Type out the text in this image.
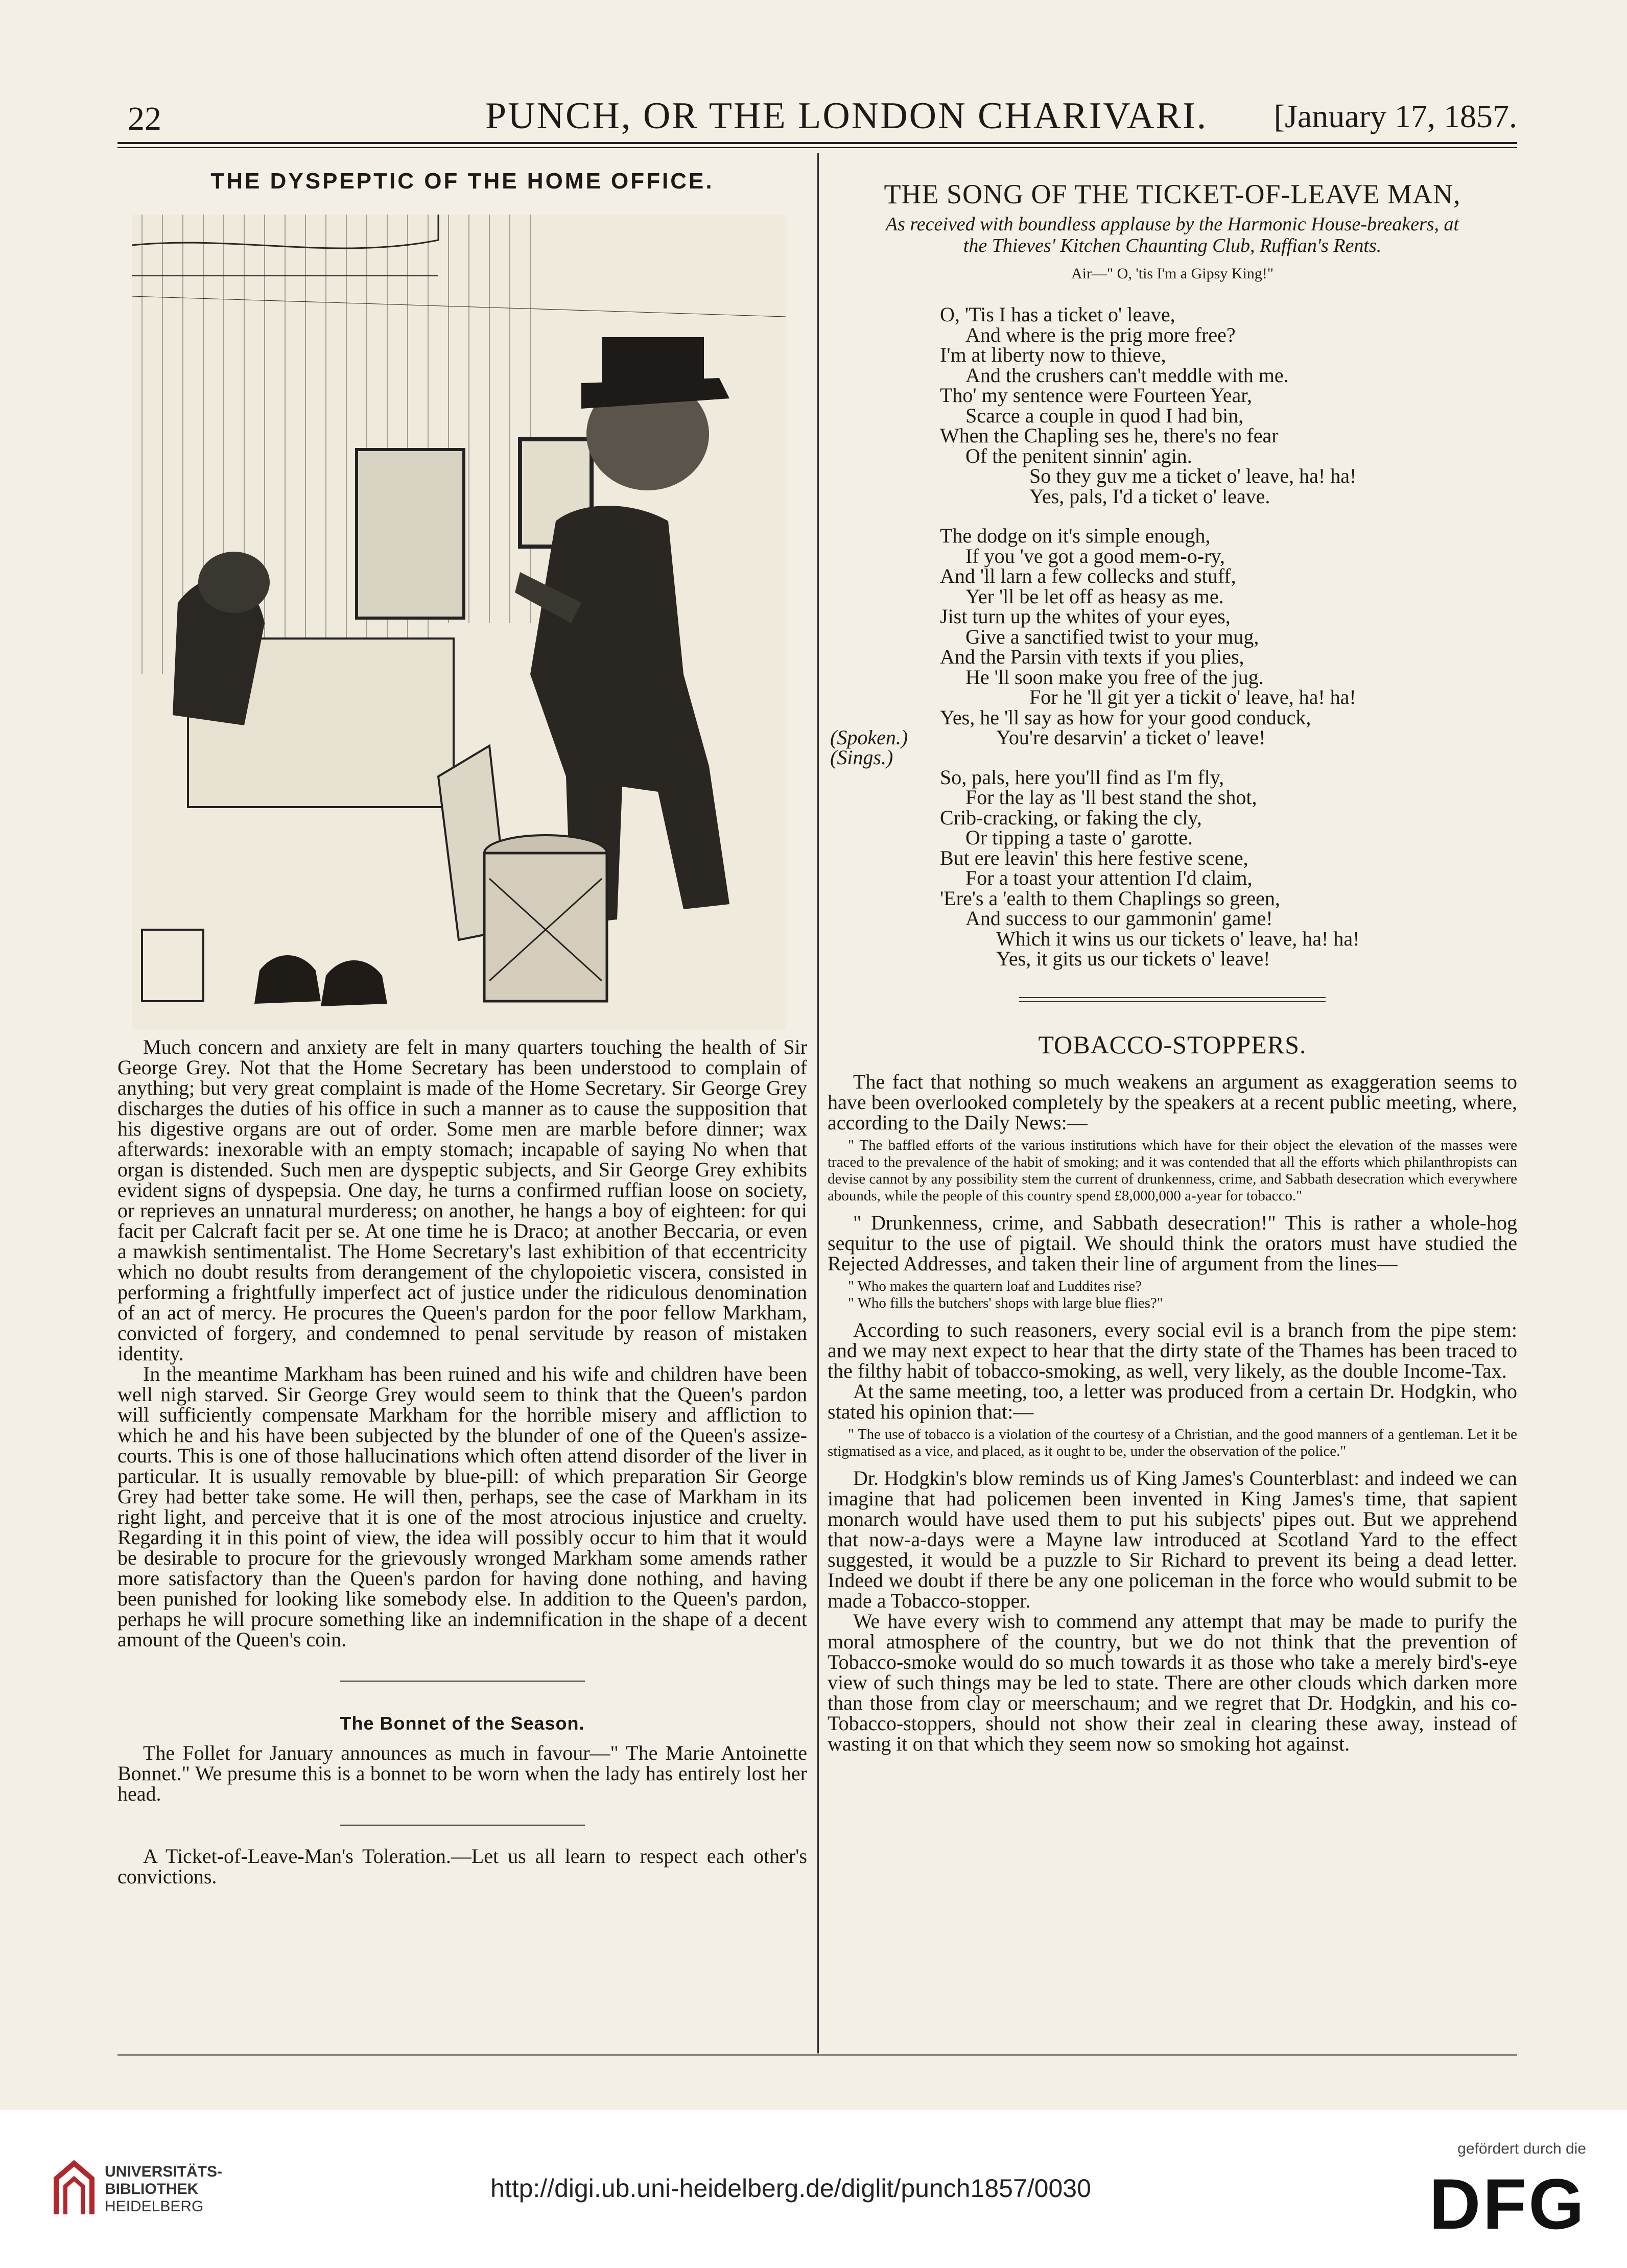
22	PUNCH, OR THE LONDON CHARIVARI. [January 17, 1857.
THE DYSPEPTIC OF THE HOME OFFICE.

Much concern and anxiety are felt in many quarters touching the health of Sir George Grey. Not that the Home Secretary has been understood to complain of anything; but very great complaint is made of the Home Secretary. Sir George Grey discharges the duties of his office in such a manner as to cause the supposition that his digestive organs are out of order. Some men are marble before dinner; wax afterwards: inexorable with an empty stomach; incapable of saying No when that organ is distended. Such men are dyspeptic subjects, and Sir George Grey exhibits evident signs of dyspepsia. One day, he turns a confirmed ruffian loose on society, or reprieves an unnatural murderess; on another, he hangs a boy of eighteen: for qui facit per Calcraft facit per se. At one time he is Draco; at another Beccaria, or even a mawkish sentimentalist. The Home Secretary's last exhibition of that eccentricity which no doubt results from derangement of the chylopoietic viscera, consisted in performing a frightfully imperfect act of justice under the ridiculous denomination of an act of mercy. He procures the Queen's pardon for the poor fellow Markham, convicted of forgery, and condemned to penal servitude by reason of mistaken identity.

In the meantime Markham has been ruined and his wife and children have been well nigh starved. Sir George Grey would seem to think that the Queen's pardon will sufficiently compensate Markham for the horrible misery and affliction to which he and his have been subjected by the blunder of one of the Queen's assize-courts. This is one of those hallucinations which often attend disorder of the liver in particular. It is usually removable by blue-pill: of which preparation Sir George Grey had better take some. He will then, perhaps, see the case of Markham in its right light, and perceive that it is one of the most atrocious injustice and cruelty. Regarding it in this point of view, the idea will possibly occur to him that it would be desirable to procure for the grievously wronged Markham some amends rather more satisfactory than the Queen's pardon for having done nothing, and having been punished for looking like somebody else. In addition to the Queen's pardon, perhaps he will procure something like an indemnification in the shape of a decent amount of the Queen's coin.

The Bonnet of the Season.

The Follet for January announces as much in favour—" The Marie Antoinette Bonnet." We presume this is a bonnet to be worn when the lady has entirely lost her head.

A Ticket-of-Leave-Man's Toleration.—Let us all learn to respect each other's convictions.

THE SONG OF THE TICKET-OF-LEAVE MAN,
As received with boundless applause by the Harmonic House-breakers, at
the Thieves' Kitchen Chaunting Club, Ruffian's Rents.
Air—" O, 'tis I'm a Gipsy King!"
O, 'Tis I has a ticket o' leave,
And where is the prig more free?
I'm at liberty now to thieve,
And the crushers can't meddle with me.
Tho' my sentence were Fourteen Year,
Scarce a couple in quod I had bin,
When the Chapling ses he, there's no fear
Of the penitent sinnin' agin.
So they guv me a ticket o' leave, ha! ha!
Yes, pals, I'd a ticket o' leave.
The dodge on it's simple enough,
If you 've got a good mem-o-ry,
And 'll larn a few collecks and stuff,
Yer 'll be let off as heasy as me.
Jist turn up the whites of your eyes,
Give a sanctified twist to your mug,
And the Parsin vith texts if you plies,
He 'll soon make you free of the jug.
For he 'll git yer a tickit o' leave, ha! ha!
Yes, he 'll say as how for your good conduck,
You're desarvin' a ticket o' leave!
(Spoken.)
(Sings.)
So, pals, here you'll find as I'm fly,
For the lay as 'll best stand the shot,
Crib-cracking, or faking the cly,
Or tipping a taste o' garotte.
But ere leavin' this here festive scene,
For a toast your attention I'd claim,
'Ere's a 'ealth to them Chaplings so green,
And success to our gammonin' game!
Which it wins us our tickets o' leave, ha! ha!
Yes, it gits us our tickets o' leave!
TOBACCO-STOPPERS.

The fact that nothing so much weakens an argument as exaggeration seems to have been overlooked completely by the speakers at a recent public meeting, where, according to the Daily News:—

" The baffled efforts of the various institutions which have for their object the elevation of the masses were traced to the prevalence of the habit of smoking; and it was contended that all the efforts which philanthropists can devise cannot by any possibility stem the current of drunkenness, crime, and Sabbath desecration which everywhere abounds, while the people of this country spend £8,000,000 a-year for tobacco."

" Drunkenness, crime, and Sabbath desecration!" This is rather a whole-hog sequitur to the use of pigtail. We should think the orators must have studied the Rejected Addresses, and taken their line of argument from the lines—

" Who makes the quartern loaf and Luddites rise?
" Who fills the butchers' shops with large blue flies?"

According to such reasoners, every social evil is a branch from the pipe stem: and we may next expect to hear that the dirty state of the Thames has been traced to the filthy habit of tobacco-smoking, as well, very likely, as the double Income-Tax.

At the same meeting, too, a letter was produced from a certain Dr. Hodgkin, who stated his opinion that:—

" The use of tobacco is a violation of the courtesy of a Christian, and the good manners of a gentleman. Let it be stigmatised as a vice, and placed, as it ought to be, under the observation of the police."

Dr. Hodgkin's blow reminds us of King James's Counterblast: and indeed we can imagine that had policemen been invented in King James's time, that sapient monarch would have used them to put his subjects' pipes out. But we apprehend that now-a-days were a Mayne law introduced at Scotland Yard to the effect suggested, it would be a puzzle to Sir Richard to prevent its being a dead letter. Indeed we doubt if there be any one policeman in the force who would submit to be made a Tobacco-stopper.

We have every wish to commend any attempt that may be made to purify the moral atmosphere of the country, but we do not think that the prevention of Tobacco-smoke would do so much towards it as those who take a merely bird's-eye view of such things may be led to state. There are other clouds which darken more than those from clay or meerschaum; and we regret that Dr. Hodgkin, and his co-Tobacco-stoppers, should not show their zeal in clearing these away, instead of wasting it on that which they seem now so smoking hot against.

UNIVERSITÄTS-
BIBLIOTHEK
HEIDELBERG
http://digi.ub.uni-heidelberg.de/diglit/punch1857/0030
gefördert durch die
DFG
